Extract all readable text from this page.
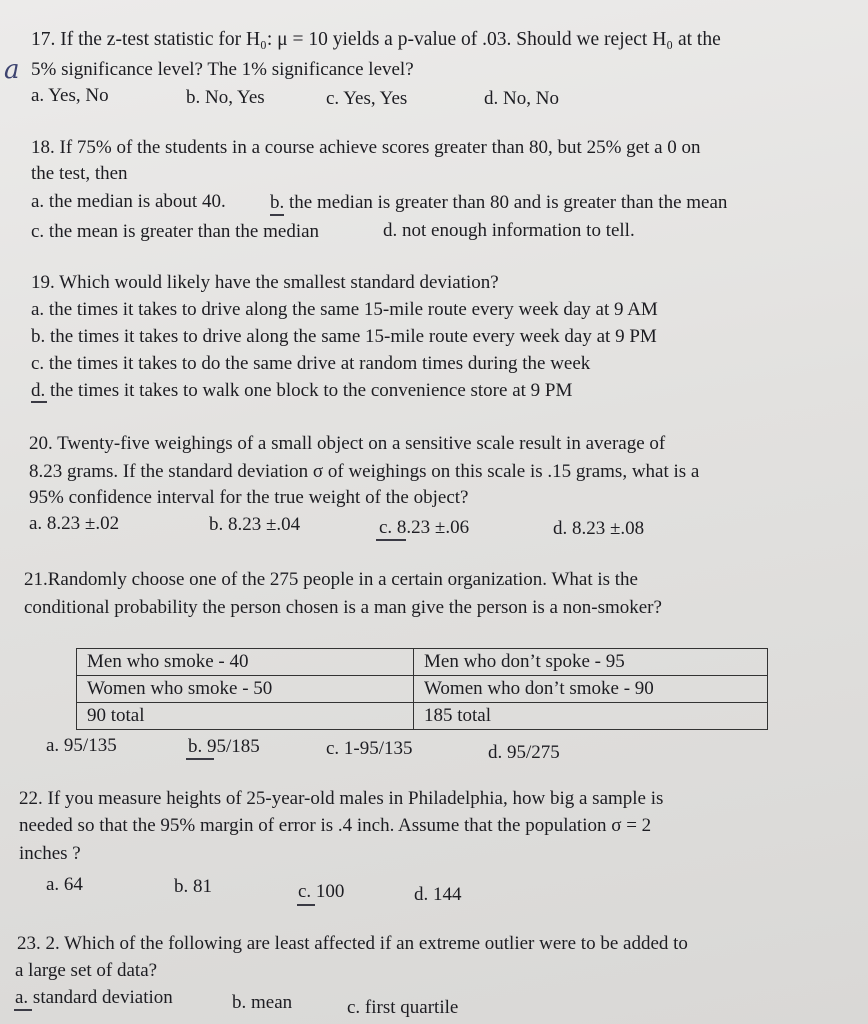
17. If the z-test statistic for H₀: μ = 10 yields a p-value of .03. Should we reject H₀ at the
a 5% significance level? The 1% significance level?
a. Yes, No	b. No, Yes	c. Yes, Yes	d. No, No
18. If 75% of the students in a course achieve scores greater than 80, but 25% get a 0 on
the test, then
a. the median is about 40. b. the median is greater than 80 and is greater than the mean
c. the mean is greater than the median	d. not enough information to tell.
19. Which would likely have the smallest standard deviation?
a. the times it takes to drive along the same 15-mile route every week day at 9 AM
b. the times it takes to drive along the same 15-mile route every week day at 9 PM
c. the times it takes to do the same drive at random times during the week
d. the times it takes to walk one block to the convenience store at 9 PM
20. Twenty-five weighings of a small object on a sensitive scale result in average of
8.23 grams. If the standard deviation σ of weighings on this scale is .15 grams, what is a
95% confidence interval for the true weight of the object?
a. 8.23 ±.02	b. 8.23 ±.04	c. 8.23 ±.06	d. 8.23 ±.08
21.Randomly choose one of the 275 people in a certain organization. What is the
conditional probability the person chosen is a man give the person is a non-smoker?
Men who smoke - 40	Men who don’t spoke - 95
Women who smoke - 50	Women who don’t smoke - 90
90 total	185 total
a. 95/135	b. 95/185	c. 1-95/135	d. 95/275
22. If you measure heights of 25-year-old males in Philadelphia, how big a sample is
needed so that the 95% margin of error is .4 inch. Assume that the population σ = 2
inches ?
a. 64	b. 81	c. 100	d. 144
23. 2. Which of the following are least affected if an extreme outlier were to be added to
a large set of data?
a. standard deviation	b. mean	c. first quartile
